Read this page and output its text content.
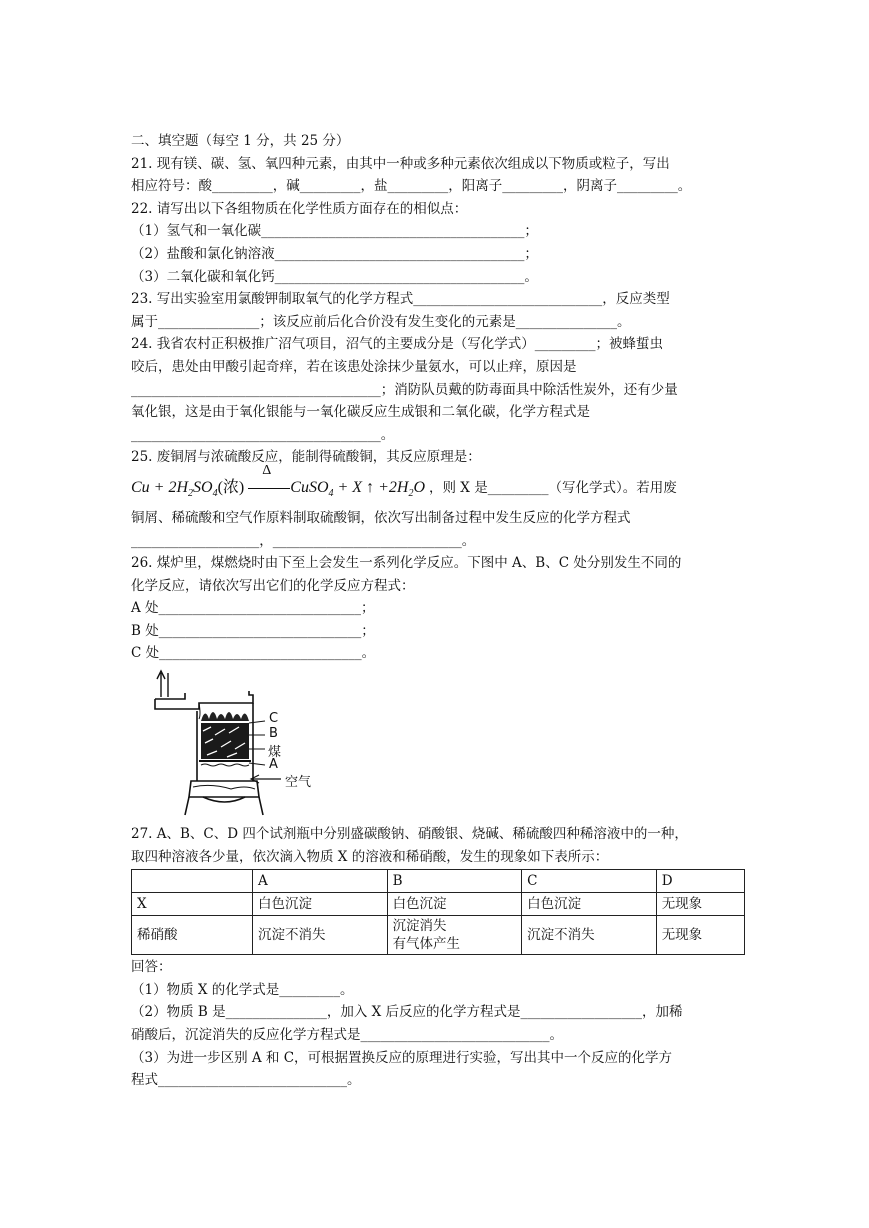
二、填空题（每空 1 分，共 25 分）
21. 现有镁、碳、氢、氧四种元素，由其中一种或多种元素依次组成以下物质或粒子，写出
相应符号：酸_________，碱_________，盐_________，阳离子_________，阴离子_________。
22. 请写出以下各组物质在化学性质方面存在的相似点：
（1）氢气和一氧化碳_______________________________________；
（2）盐酸和氯化钠溶液_____________________________________；
（3）二氧化碳和氧化钙_____________________________________。
23. 写出实验室用氯酸钾制取氧气的化学方程式____________________________，反应类型
属于_______________；该反应前后化合价没有发生变化的元素是_______________。
24. 我省农村正积极推广沼气项目，沼气的主要成分是（写化学式）_________；被蜂蜇虫
咬后，患处由甲酸引起奇痒，若在该患处涂抹少量氨水，可以止痒，原因是
_____________________________________；消防队员戴的防毒面具中除活性炭外，还有少量
氧化银，这是由于氧化银能与一氧化碳反应生成银和二氧化碳，化学方程式是
_____________________________________。
25. 废铜屑与浓硫酸反应，能制得硫酸铜，其反应原理是：
$Cu + 2H_2SO_4$(浓)
Δ
CuSO$_4$ + X ↑ $+2H_2O$ ，则 X 是_________（写化学式）。若用废
铜屑、稀硫酸和空气作原料制取硫酸铜，依次写出制备过程中发生反应的化学方程式
___________________，____________________________。
26. 煤炉里，煤燃烧时由下至上会发生一系列化学反应。下图中 A、B、C 处分别发生不同的
化学反应，请依次写出它们的化学反应方程式：
A 处______________________________；
B 处______________________________；
C 处______________________________。
C
B
煤
A
空气
27. A、B、C、D 四个试剂瓶中分别盛碳酸钠、硝酸银、烧碱、稀硫酸四种稀溶液中的一种，
取四种溶液各少量，依次滴入物质 X 的溶液和稀硝酸，发生的现象如下表所示：
	A	B	C	D
X	白色沉淀	白色沉淀	白色沉淀	无现象
稀硝酸	沉淀不消失	沉淀消失
有气体产生	沉淀不消失	无现象
回答：
（1）物质 X 的化学式是_________。
（2）物质 B 是_______________，加入 X 后反应的化学方程式是__________________，加稀
硝酸后，沉淀消失的反应化学方程式是____________________________。
（3）为进一步区别 A 和 C，可根据置换反应的原理进行实验，写出其中一个反应的化学方
程式____________________________。
